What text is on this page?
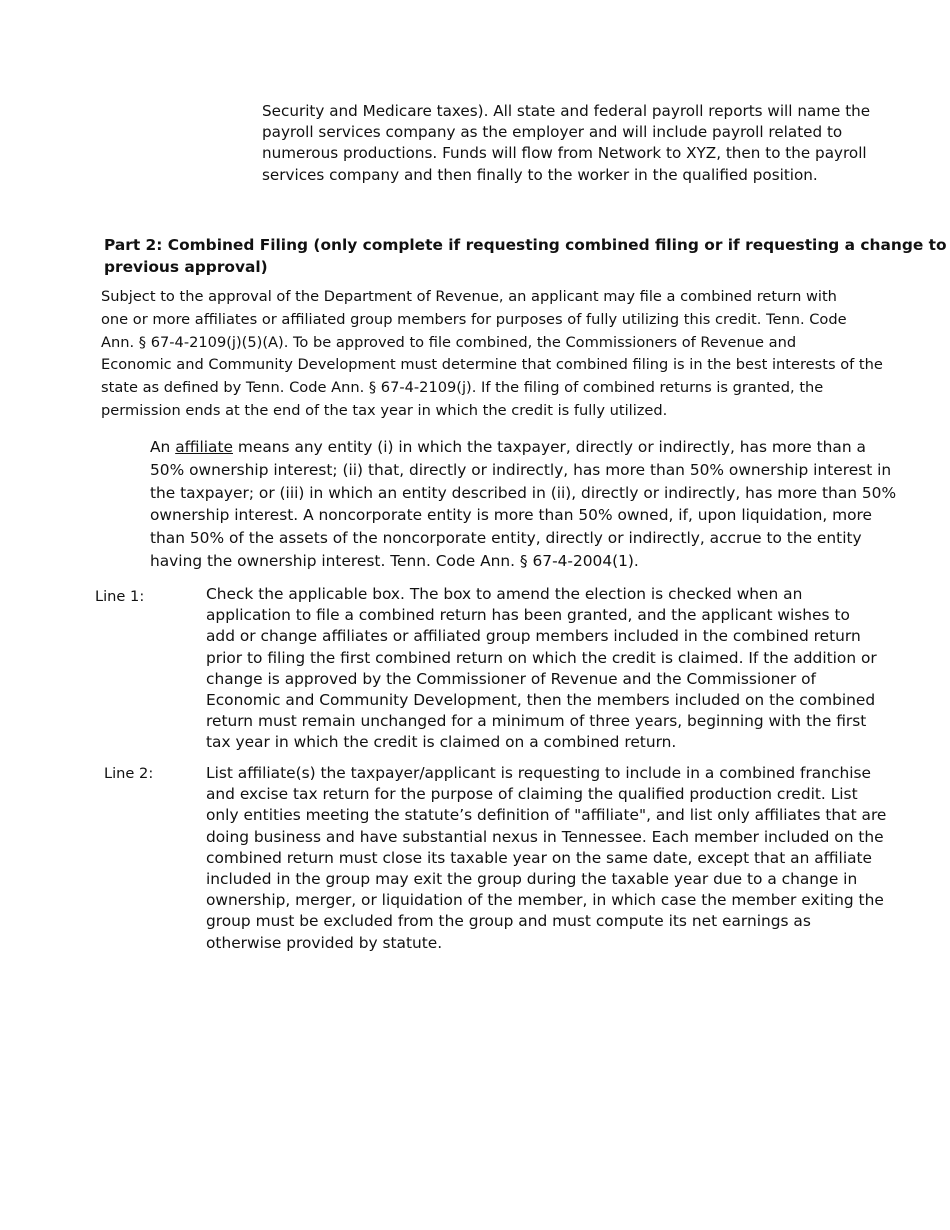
Security and Medicare taxes). All state and federal payroll reports will name the
payroll services company as the employer and will include payroll related to
numerous productions. Funds will flow from Network to XYZ, then to the payroll
services company and then finally to the worker in the qualified position.
Part 2: Combined Filing (only complete if requesting combined filing or if requesting a change to
previous approval)
Subject to the approval of the Department of Revenue, an applicant may file a combined return with
one or more affiliates or affiliated group members for purposes of fully utilizing this credit. Tenn. Code
Ann. § 67-4-2109(j)(5)(A). To be approved to file combined, the Commissioners of Revenue and
Economic and Community Development must determine that combined filing is in the best interests of the
state as defined by Tenn. Code Ann. § 67-4-2109(j). If the filing of combined returns is granted, the
permission ends at the end of the tax year in which the credit is fully utilized.
An affiliate means any entity (i) in which the taxpayer, directly or indirectly, has more than a
50% ownership interest; (ii) that, directly or indirectly, has more than 50% ownership interest in
the taxpayer; or (iii) in which an entity described in (ii), directly or indirectly, has more than 50%
ownership interest. A noncorporate entity is more than 50% owned, if, upon liquidation, more
than 50% of the assets of the noncorporate entity, directly or indirectly, accrue to the entity
having the ownership interest. Tenn. Code Ann. § 67-4-2004(1).
Line 1:	Check the applicable box. The box to amend the election is checked when an
application to file a combined return has been granted, and the applicant wishes to
add or change affiliates or affiliated group members included in the combined return
prior to filing the first combined return on which the credit is claimed. If the addition or
change is approved by the Commissioner of Revenue and the Commissioner of
Economic and Community Development, then the members included on the combined
return must remain unchanged for a minimum of three years, beginning with the first
tax year in which the credit is claimed on a combined return.
Line 2:	List affiliate(s) the taxpayer/applicant is requesting to include in a combined franchise
and excise tax return for the purpose of claiming the qualified production credit. List
only entities meeting the statute’s definition of "affiliate", and list only affiliates that are
doing business and have substantial nexus in Tennessee. Each member included on the
combined return must close its taxable year on the same date, except that an affiliate
included in the group may exit the group during the taxable year due to a change in
ownership, merger, or liquidation of the member, in which case the member exiting the
group must be excluded from the group and must compute its net earnings as
otherwise provided by statute.
